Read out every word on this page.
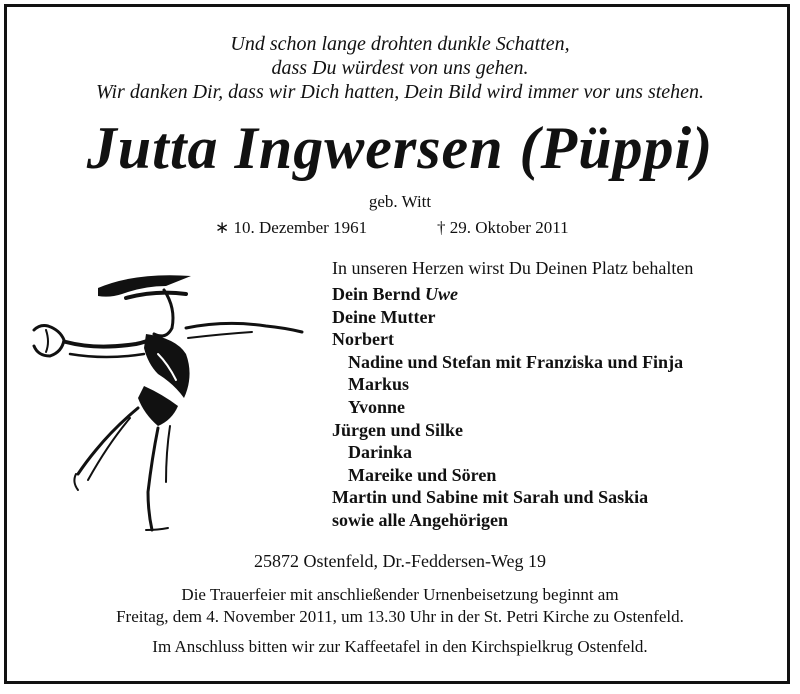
Und schon lange drohten dunkle Schatten,
dass Du würdest von uns gehen.
Wir danken Dir, dass wir Dich hatten, Dein Bild wird immer vor uns stehen.
Jutta Ingwersen (Püppi)
geb. Witt
∗ 10. Dezember 1961	† 29. Oktober 2011
In unseren Herzen wirst Du Deinen Platz behalten
Dein Bernd Uwe
Deine Mutter
Norbert
Nadine und Stefan mit Franziska und Finja
Markus
Yvonne
Jürgen und Silke
Darinka
Mareike und Sören
Martin und Sabine mit Sarah und Saskia
sowie alle Angehörigen
25872 Ostenfeld, Dr.-Feddersen-Weg 19
Die Trauerfeier mit anschließender Urnenbeisetzung beginnt am
Freitag, dem 4. November 2011, um 13.30 Uhr in der St. Petri Kirche zu Ostenfeld.
Im Anschluss bitten wir zur Kaffeetafel in den Kirchspielkrug Ostenfeld.
